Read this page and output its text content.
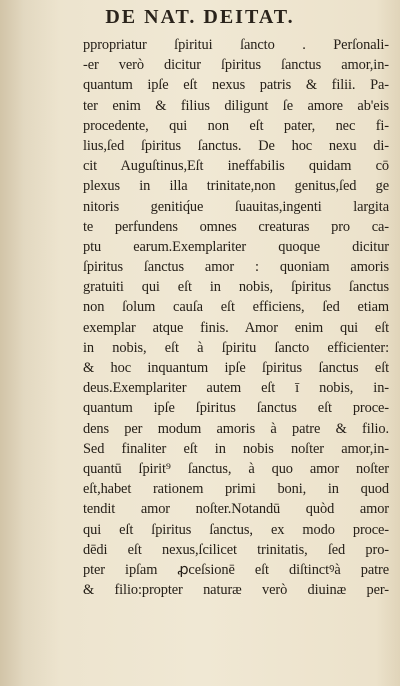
DE NAT. DEITAT.
ppropriatur ſpiritui ſancto . Perſonali-
-er verò dicitur ſpiritus ſanctus amor,in-
quantum ipſe eſt nexus patris & filii. Pa-
ter enim & filius diligunt ſe amore ab'eis
procedente, qui non eſt pater, nec fi-
lius,ſed ſpiritus ſanctus. De hoc nexu di-
cit Auguſtinus,Eſt ineffabilis quidam cō
plexus in illa trinitate,non genitus,ſed ge
nitoris genitiq́ue ſuauitas,ingenti largita
te perfundens omnes creaturas pro ca-
ptu earum.Exemplariter quoque dicitur
ſpiritus ſanctus amor : quoniam amoris
gratuiti qui eſt in nobis, ſpiritus ſanctus
non ſolum cauſa eſt efficiens, ſed etiam
exemplar atque finis. Amor enim qui eſt
in nobis, eſt à ſpiritu ſancto efficienter:
& hoc inquantum ipſe ſpiritus ſanctus eſt
deus.Exemplariter autem eſt ī nobis, in-
quantum ipſe ſpiritus ſanctus eſt proce-
dens per modum amoris à patre & filio.
Sed finaliter eſt in nobis noſter amor,in-
quantū ſpirit⁹ ſanctus, à quo amor noſter
eſt,habet rationem primi boni, in quod
tendit amor noſter.Notandū quòd amor
qui eſt ſpiritus ſanctus, ex modo proce-
dēdi eſt nexus,ſcilicet trinitatis, ſed pro-
pter ipſam ꝓceſsionē eſt diſtinctꝰà patre
& filio:propter naturæ verò diuinæ per-
